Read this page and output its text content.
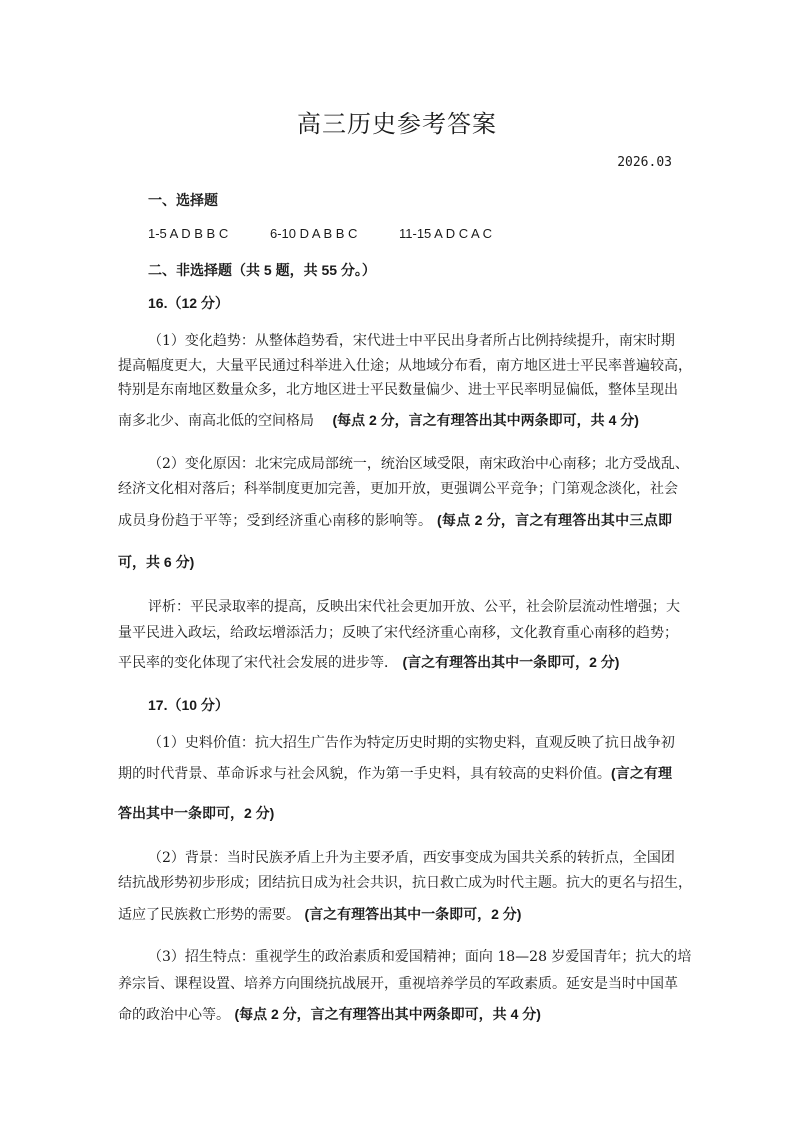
高三历史参考答案
2026.03
1-5 A D B B C	6-10 D A B B C	11-15 A D C A C
一、选择题
二、非选择题（共 5 题，共 55 分。）
16.（12 分）
（1）变化趋势：从整体趋势看，宋代进士中平民出身者所占比例持续提升，南宋时期
提高幅度更大，大量平民通过科举进入仕途；从地域分布看，南方地区进士平民率普遍较高，
特别是东南地区数量众多，北方地区进士平民数量偏少、进士平民率明显偏低，整体呈现出
南多北少、南高北低的空间格局　 (每点 2 分，言之有理答出其中两条即可，共 4 分)
（2）变化原因：北宋完成局部统一，统治区域受限，南宋政治中心南移；北方受战乱、
经济文化相对落后；科举制度更加完善，更加开放，更强调公平竞争；门第观念淡化，社会
成员身份趋于平等；受到经济重心南移的影响等。 (每点 2 分，言之有理答出其中三点即
可，共 6 分)
评析：平民录取率的提高，反映出宋代社会更加开放、公平，社会阶层流动性增强；大
量平民进入政坛，给政坛增添活力；反映了宋代经济重心南移，文化教育重心南移的趋势；
平民率的变化体现了宋代社会发展的进步等． (言之有理答出其中一条即可，2 分)
17.（10 分）
（1）史料价值：抗大招生广告作为特定历史时期的实物史料，直观反映了抗日战争初
期的时代背景、革命诉求与社会风貌，作为第一手史料，具有较高的史料价值。(言之有理
答出其中一条即可，2 分)
（2）背景：当时民族矛盾上升为主要矛盾，西安事变成为国共关系的转折点，全国团
结抗战形势初步形成；团结抗日成为社会共识，抗日救亡成为时代主题。抗大的更名与招生，
适应了民族救亡形势的需要。 (言之有理答出其中一条即可，2 分)
（3）招生特点：重视学生的政治素质和爱国精神；面向 18—28 岁爱国青年；抗大的培
养宗旨、课程设置、培养方向围绕抗战展开，重视培养学员的军政素质。延安是当时中国革
命的政治中心等。 (每点 2 分，言之有理答出其中两条即可，共 4 分)
